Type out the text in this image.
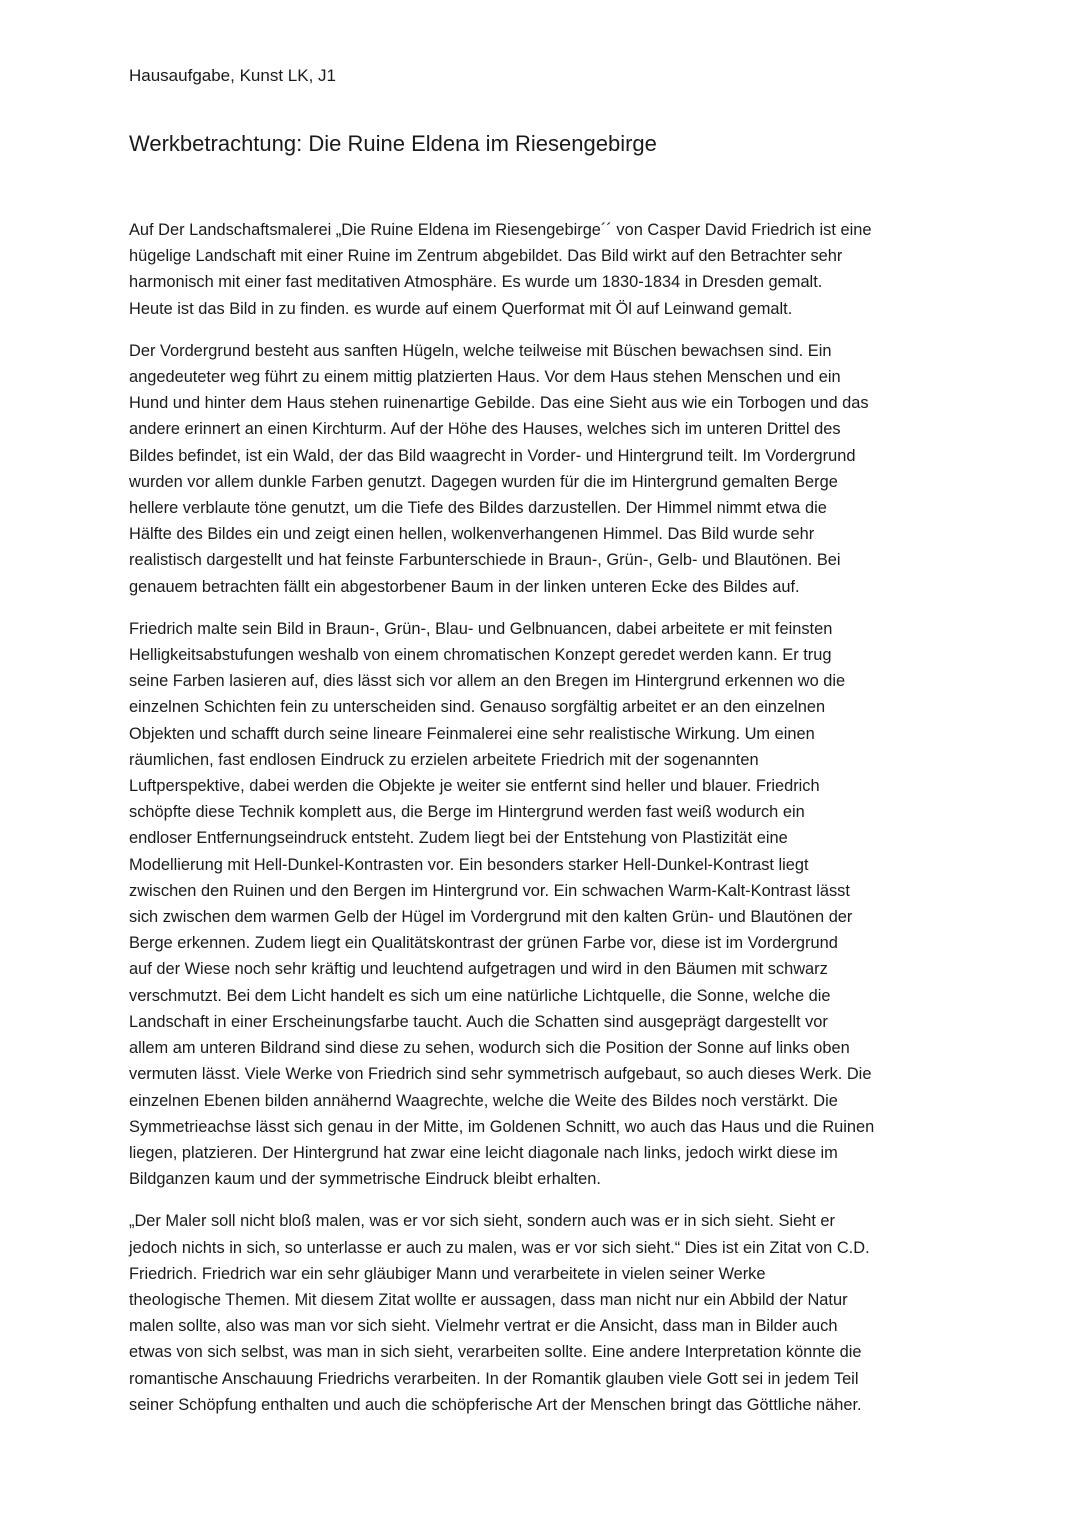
Hausaufgabe, Kunst LK, J1
Werkbetrachtung: Die Ruine Eldena im Riesengebirge

Auf Der Landschaftsmalerei „Die Ruine Eldena im Riesengebirge´´ von Casper David Friedrich ist eine
hügelige Landschaft mit einer Ruine im Zentrum abgebildet. Das Bild wirkt auf den Betrachter sehr
harmonisch mit einer fast meditativen Atmosphäre. Es wurde um 1830-1834 in Dresden gemalt.
Heute ist das Bild in zu finden. es wurde auf einem Querformat mit Öl auf Leinwand gemalt.

Der Vordergrund besteht aus sanften Hügeln, welche teilweise mit Büschen bewachsen sind. Ein
angedeuteter weg führt zu einem mittig platzierten Haus. Vor dem Haus stehen Menschen und ein
Hund und hinter dem Haus stehen ruinenartige Gebilde. Das eine Sieht aus wie ein Torbogen und das
andere erinnert an einen Kirchturm. Auf der Höhe des Hauses, welches sich im unteren Drittel des
Bildes befindet, ist ein Wald, der das Bild waagrecht in Vorder- und Hintergrund teilt. Im Vordergrund
wurden vor allem dunkle Farben genutzt. Dagegen wurden für die im Hintergrund gemalten Berge
hellere verblaute töne genutzt, um die Tiefe des Bildes darzustellen. Der Himmel nimmt etwa die
Hälfte des Bildes ein und zeigt einen hellen, wolkenverhangenen Himmel. Das Bild wurde sehr
realistisch dargestellt und hat feinste Farbunterschiede in Braun-, Grün-, Gelb- und Blautönen. Bei
genauem betrachten fällt ein abgestorbener Baum in der linken unteren Ecke des Bildes auf.

Friedrich malte sein Bild in Braun-, Grün-, Blau- und Gelbnuancen, dabei arbeitete er mit feinsten
Helligkeitsabstufungen weshalb von einem chromatischen Konzept geredet werden kann. Er trug
seine Farben lasieren auf, dies lässt sich vor allem an den Bregen im Hintergrund erkennen wo die
einzelnen Schichten fein zu unterscheiden sind. Genauso sorgfältig arbeitet er an den einzelnen
Objekten und schafft durch seine lineare Feinmalerei eine sehr realistische Wirkung. Um einen
räumlichen, fast endlosen Eindruck zu erzielen arbeitete Friedrich mit der sogenannten
Luftperspektive, dabei werden die Objekte je weiter sie entfernt sind heller und blauer. Friedrich
schöpfte diese Technik komplett aus, die Berge im Hintergrund werden fast weiß wodurch ein
endloser Entfernungseindruck entsteht. Zudem liegt bei der Entstehung von Plastizität eine
Modellierung mit Hell-Dunkel-Kontrasten vor. Ein besonders starker Hell-Dunkel-Kontrast liegt
zwischen den Ruinen und den Bergen im Hintergrund vor. Ein schwachen Warm-Kalt-Kontrast lässt
sich zwischen dem warmen Gelb der Hügel im Vordergrund mit den kalten Grün- und Blautönen der
Berge erkennen. Zudem liegt ein Qualitätskontrast der grünen Farbe vor, diese ist im Vordergrund
auf der Wiese noch sehr kräftig und leuchtend aufgetragen und wird in den Bäumen mit schwarz
verschmutzt. Bei dem Licht handelt es sich um eine natürliche Lichtquelle, die Sonne, welche die
Landschaft in einer Erscheinungsfarbe taucht. Auch die Schatten sind ausgeprägt dargestellt vor
allem am unteren Bildrand sind diese zu sehen, wodurch sich die Position der Sonne auf links oben
vermuten lässt. Viele Werke von Friedrich sind sehr symmetrisch aufgebaut, so auch dieses Werk. Die
einzelnen Ebenen bilden annähernd Waagrechte, welche die Weite des Bildes noch verstärkt. Die
Symmetrieachse lässt sich genau in der Mitte, im Goldenen Schnitt, wo auch das Haus und die Ruinen
liegen, platzieren. Der Hintergrund hat zwar eine leicht diagonale nach links, jedoch wirkt diese im
Bildganzen kaum und der symmetrische Eindruck bleibt erhalten.

„Der Maler soll nicht bloß malen, was er vor sich sieht, sondern auch was er in sich sieht. Sieht er
jedoch nichts in sich, so unterlasse er auch zu malen, was er vor sich sieht.“ Dies ist ein Zitat von C.D.
Friedrich. Friedrich war ein sehr gläubiger Mann und verarbeitete in vielen seiner Werke
theologische Themen. Mit diesem Zitat wollte er aussagen, dass man nicht nur ein Abbild der Natur
malen sollte, also was man vor sich sieht. Vielmehr vertrat er die Ansicht, dass man in Bilder auch
etwas von sich selbst, was man in sich sieht, verarbeiten sollte. Eine andere Interpretation könnte die
romantische Anschauung Friedrichs verarbeiten. In der Romantik glauben viele Gott sei in jedem Teil
seiner Schöpfung enthalten und auch die schöpferische Art der Menschen bringt das Göttliche näher.
